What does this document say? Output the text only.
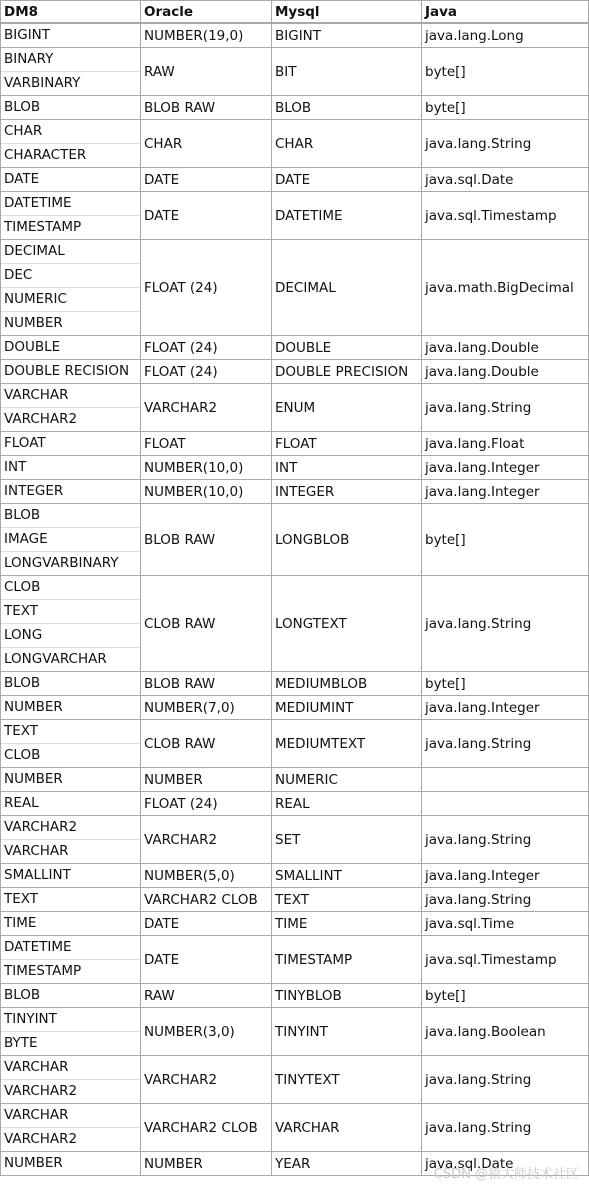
DM8	Oracle	Mysql	Java

BIGINT	NUMBER(19,0)	BIGINT	java.lang.Long

BINARY
VARBINARY	RAW	BIT	byte[]

BLOB	BLOB RAW	BLOB	byte[]

CHAR
CHARACTER	CHAR	CHAR	java.lang.String

DATE	DATE	DATE	java.sql.Date

DATETIME
TIMESTAMP	DATE	DATETIME	java.sql.Timestamp

DECIMAL
DEC
NUMERIC
NUMBER	FLOAT (24)	DECIMAL	java.math.BigDecimal

DOUBLE	FLOAT (24)	DOUBLE	java.lang.Double

DOUBLE RECISION	FLOAT (24)	DOUBLE PRECISION	java.lang.Double

VARCHAR
VARCHAR2	VARCHAR2	ENUM	java.lang.String

FLOAT	FLOAT	FLOAT	java.lang.Float

INT	NUMBER(10,0)	INT	java.lang.Integer

INTEGER	NUMBER(10,0)	INTEGER	java.lang.Integer

BLOB
IMAGE
LONGVARBINARY	BLOB RAW	LONGBLOB	byte[]

CLOB
TEXT
LONG
LONGVARCHAR	CLOB RAW	LONGTEXT	java.lang.String

BLOB	BLOB RAW	MEDIUMBLOB	byte[]

NUMBER	NUMBER(7,0)	MEDIUMINT	java.lang.Integer

TEXT
CLOB	CLOB RAW	MEDIUMTEXT	java.lang.String

NUMBER	NUMBER	NUMERIC	

REAL	FLOAT (24)	REAL	

VARCHAR2
VARCHAR	VARCHAR2	SET	java.lang.String

SMALLINT	NUMBER(5,0)	SMALLINT	java.lang.Integer

TEXT	VARCHAR2 CLOB	TEXT	java.lang.String

TIME	DATE	TIME	java.sql.Time

DATETIME
TIMESTAMP	DATE	TIMESTAMP	java.sql.Timestamp

BLOB	RAW	TINYBLOB	byte[]

TINYINT
BYTE	NUMBER(3,0)	TINYINT	java.lang.Boolean

VARCHAR
VARCHAR2	VARCHAR2	TINYTEXT	java.lang.String

VARCHAR
VARCHAR2	VARCHAR2 CLOB	VARCHAR	java.lang.String

NUMBER	NUMBER	YEAR	java.sql.Date
CSDN @猿大师技术社区
